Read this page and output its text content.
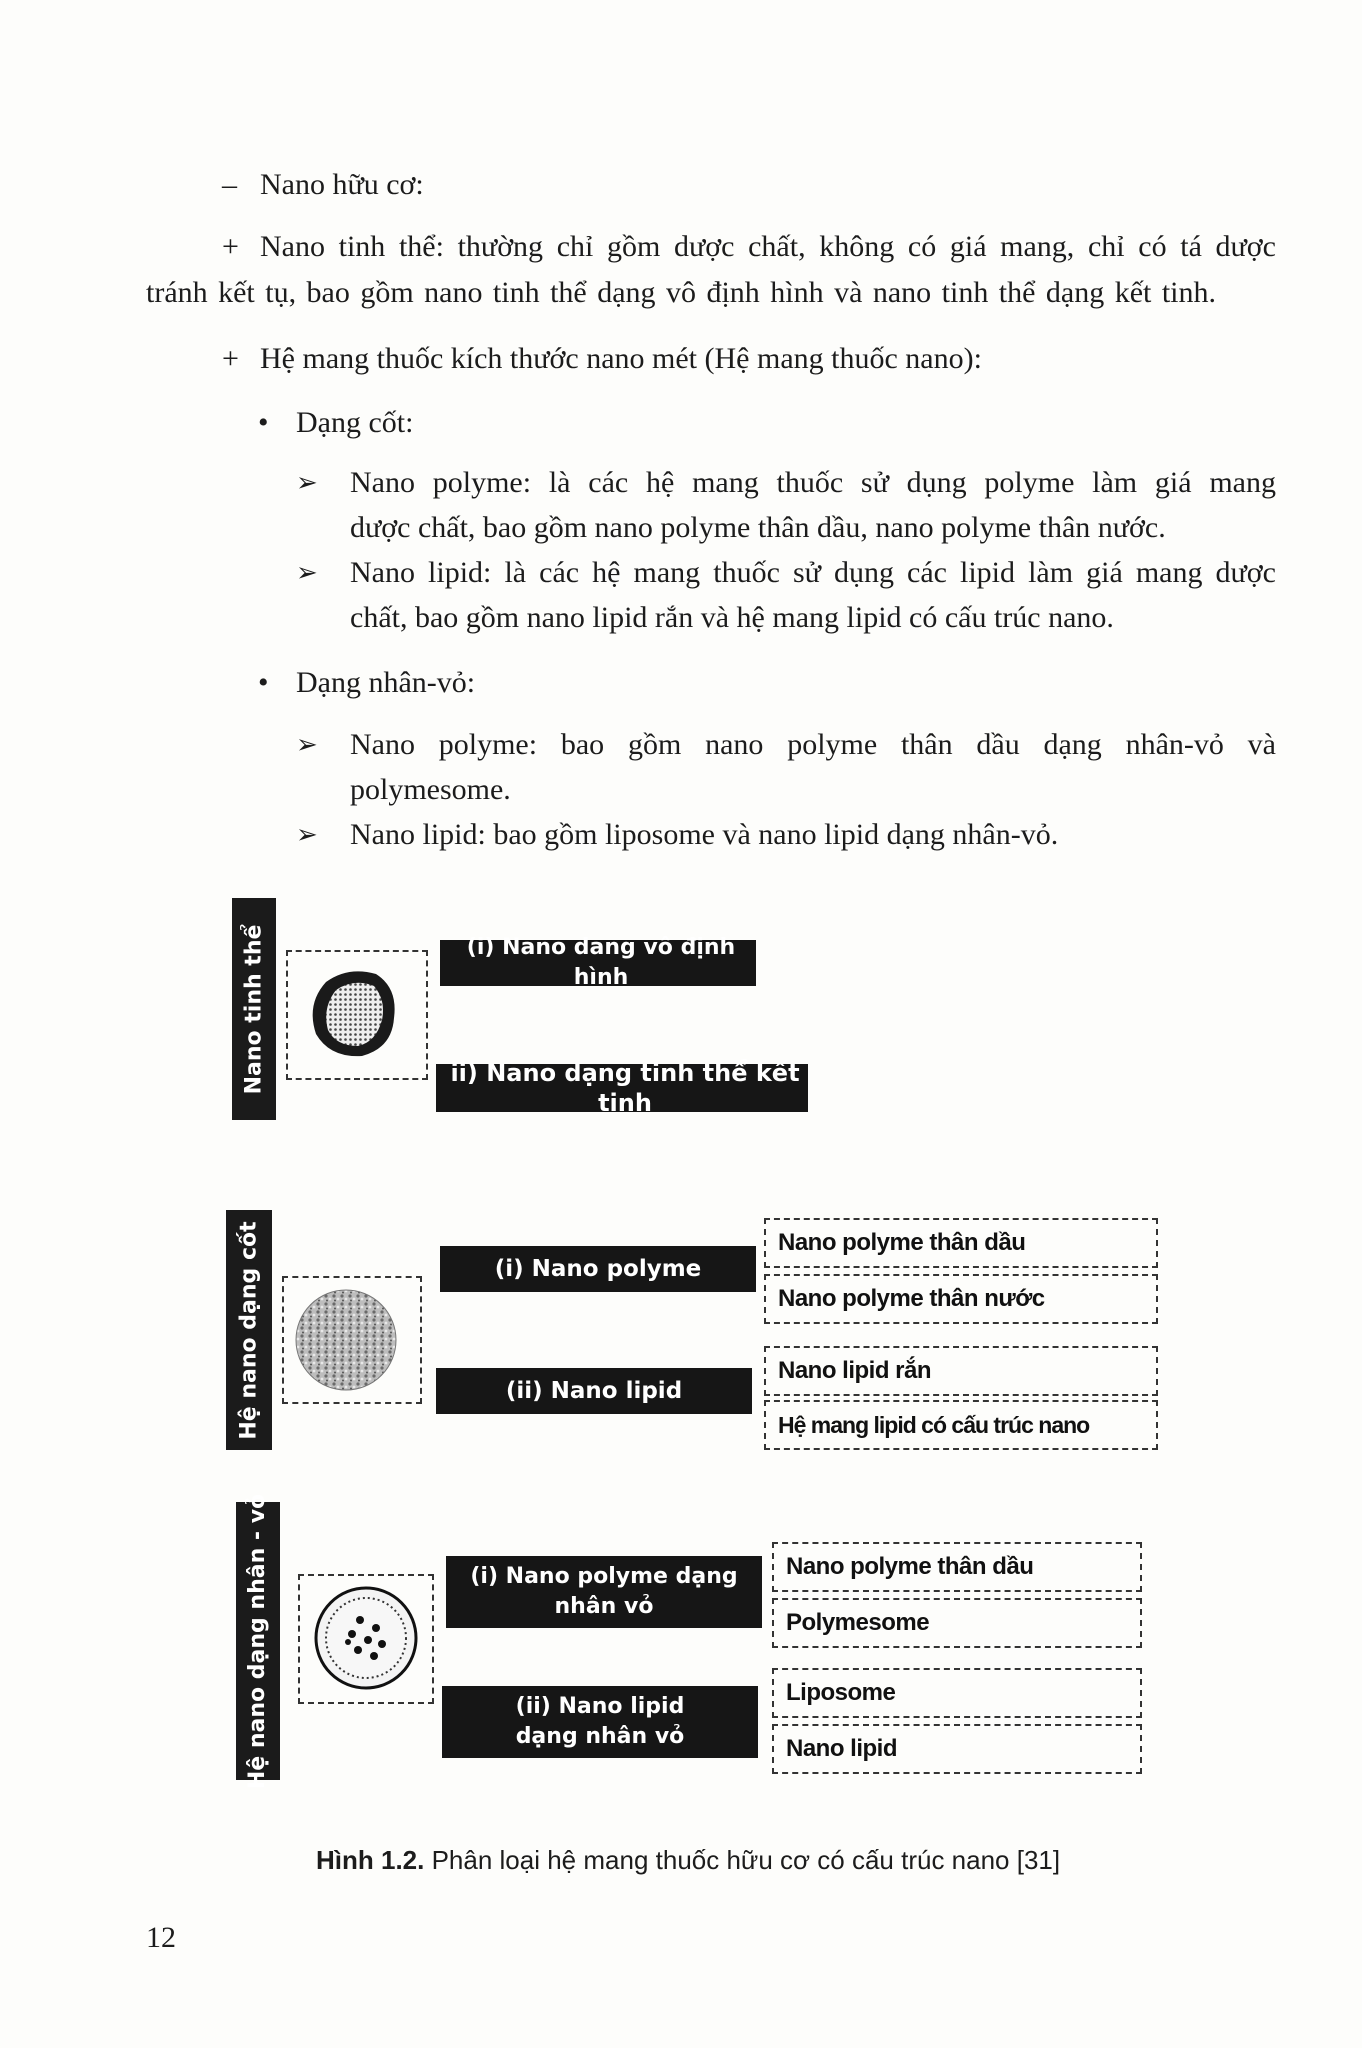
– Nano hữu cơ:
+ Nano tinh thể: thường chỉ gồm dược chất, không có giá mang, chỉ có tá dược
tránh kết tụ, bao gồm nano tinh thể dạng vô định hình và nano tinh thể dạng kết tinh.
+ Hệ mang thuốc kích thước nano mét (Hệ mang thuốc nano):
• Dạng cốt:
➢ Nano polyme: là các hệ mang thuốc sử dụng polyme làm giá mang
dược chất, bao gồm nano polyme thân dầu, nano polyme thân nước.
➢ Nano lipid: là các hệ mang thuốc sử dụng các lipid làm giá mang dược
chất, bao gồm nano lipid rắn và hệ mang lipid có cấu trúc nano.
• Dạng nhân-vỏ:
➢ Nano polyme: bao gồm nano polyme thân dầu dạng nhân-vỏ và
polymesome.
➢ Nano lipid: bao gồm liposome và nano lipid dạng nhân-vỏ.
Nano tinh thể	(i) Nano dang vô định hình
ii) Nano dạng tinh thể kết tinh
Hệ nano dạng cốt	(i) Nano polyme
(ii) Nano lipid
Nano polyme thân dầu
Nano polyme thân nước
Nano lipid rắn
Hệ mang lipid có cấu trúc nano
Hệ nano dạng nhân - vỏ	(i) Nano polyme dạng nhân vỏ
(ii) Nano lipid dạng nhân vỏ
Nano polyme thân dầu
Polymesome
Liposome
Nano lipid
Hình 1.2. Phân loại hệ mang thuốc hữu cơ có cấu trúc nano [31]
12
